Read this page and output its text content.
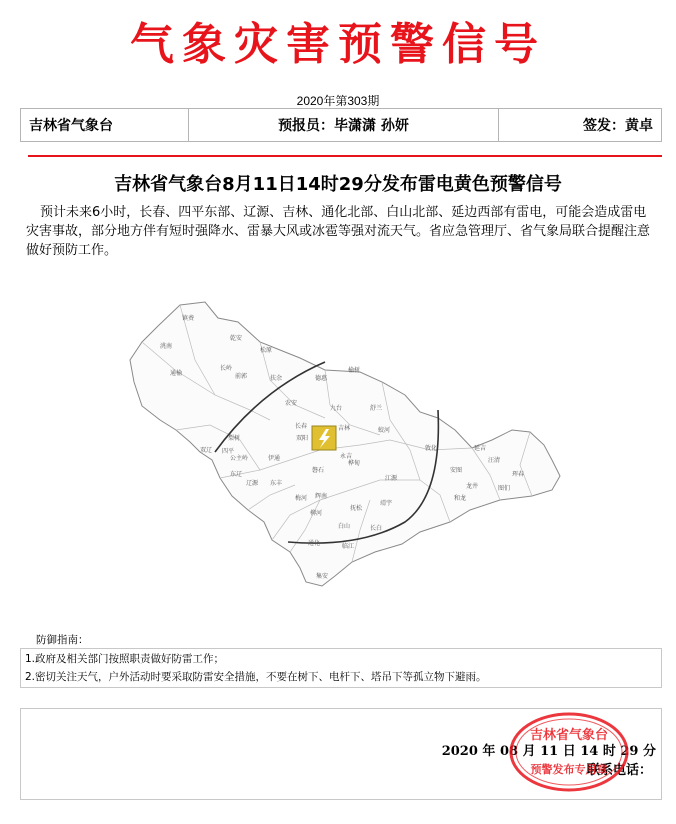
气象灾害预警信号
2020年第303期
吉林省气象台	预报员：毕潇潇 孙妍	签发：黄卓
吉林省气象台8月11日14时29分发布雷电黄色预警信号
预计未来6小时，长春、四平东部、辽源、吉林、通化北部、白山北部、延边西部有雷电，可能会造成雷电灾害事故，部分地方伴有短时强降水、雷暴大风或冰雹等强对流天气。省应急管理厅、省气象局联合提醒注意做好预防工作。
镇赉
洮南
通榆
乾安
长岭
松原
前郭	扶余	德惠
榆树
农安
长春
九台	舒兰
蛟河
吉林
永吉
桦甸
敦化
安图
汪清
图们
珲春
龙井
和龙
延吉
梨树
公主岭	伊通
双阳
磐石
辉南
梅河
柳河
通化
集安
白山
临江
长白
抚松
靖宇
江源
东丰
东辽
辽源
双辽 四平
防御指南：
1.政府及相关部门按照职责做好防雷工作；
2.密切关注天气，户外活动时要采取防雷安全措施，不要在树下、电杆下、塔吊下等孤立物下避雨。
2020 年 08 月 11 日 14 时 29 分
联系电话：
吉林省气象台
预警发布专用章
